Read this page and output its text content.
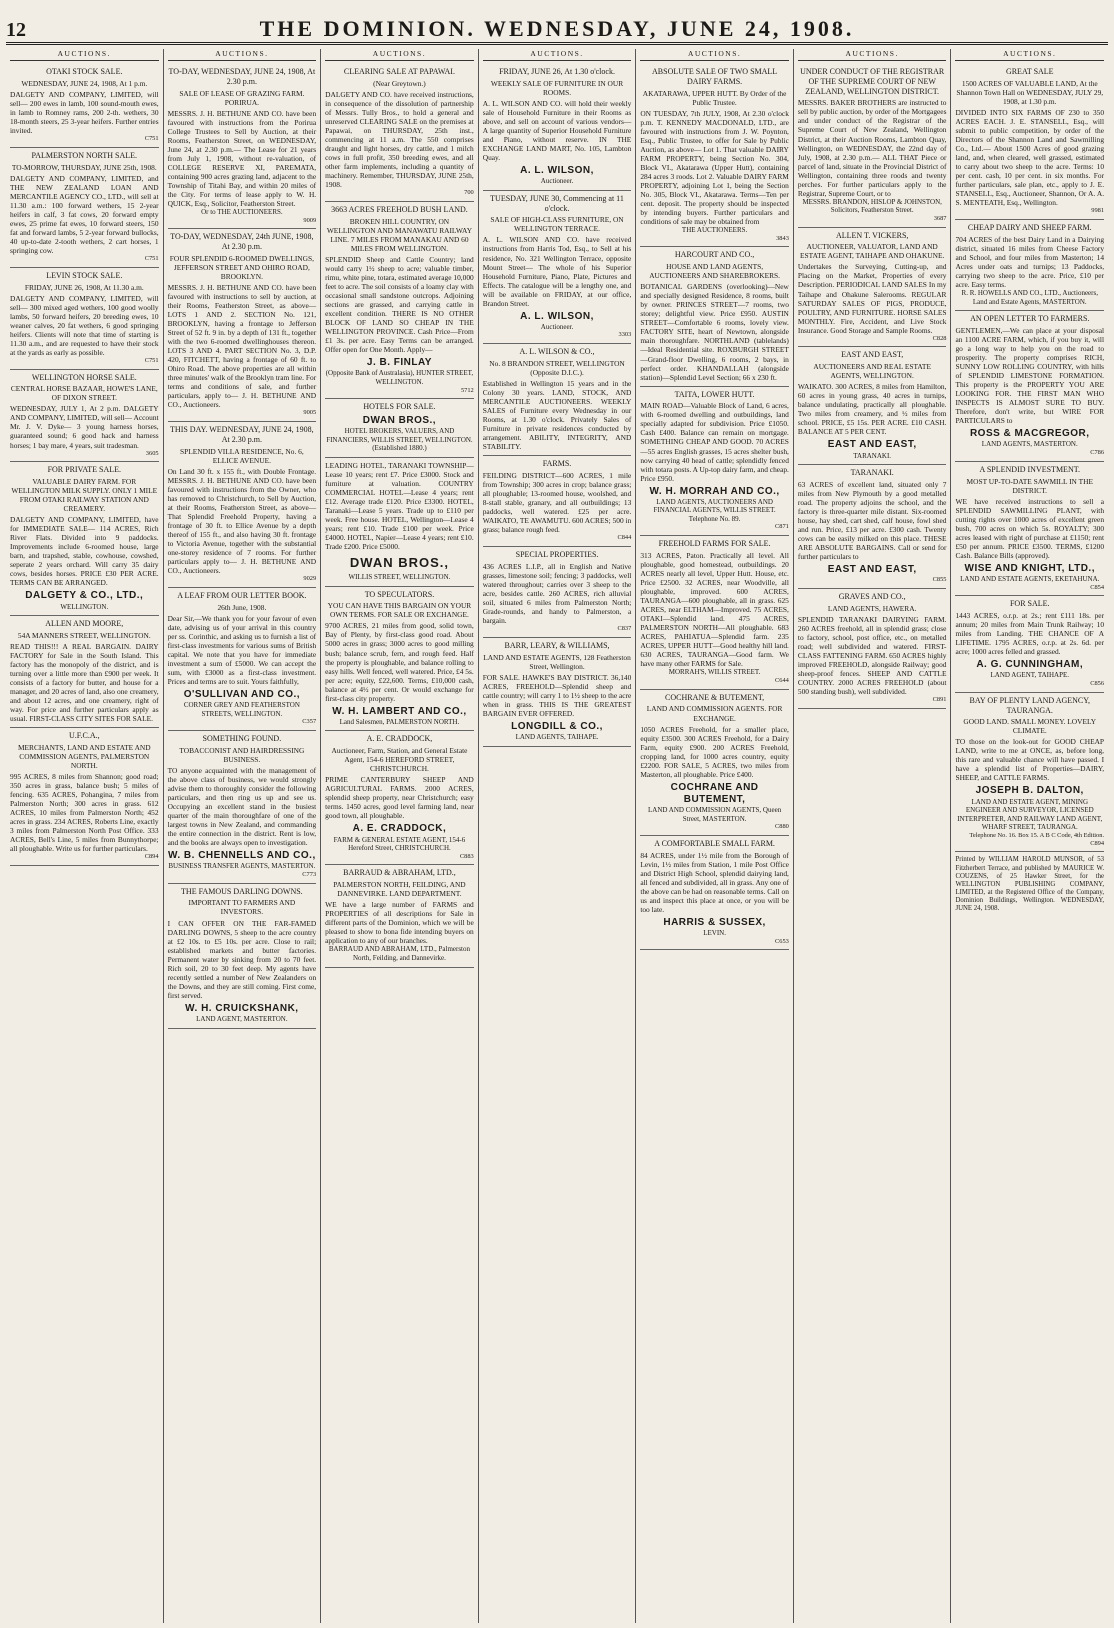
12	THE DOMINION. WEDNESDAY, JUNE 24, 1908.
AUCTIONS.
OTAKI STOCK SALE.
WEDNESDAY, JUNE 24, 1908, At 1 p.m.
DALGETY AND COMPANY, LIMITED, will sell— 200 ewes in lamb, 100 sound-mouth ewes, in lamb to Romney rams, 200 2-th. wethers, 30 18-month steers, 25 3-year heifers. Further entries invited.
C751
PALMERSTON NORTH SALE.
TO-MORROW, THURSDAY, JUNE 25th, 1908.
DALGETY AND COMPANY, LIMITED, and THE NEW ZEALAND LOAN AND MERCANTILE AGENCY CO., LTD., will sell at 11.30 a.m.: 100 forward wethers, 15 2-year heifers in calf, 3 fat cows, 20 forward empty ewes, 25 prime fat ewes, 10 forward steers, 150 fat and forward lambs, 5 2-year forward bullocks, 40 up-to-date 2-tooth wethers, 2 cart horses, 1 springing cow.
C751
LEVIN STOCK SALE.
FRIDAY, JUNE 26, 1908, At 11.30 a.m.
DALGETY AND COMPANY, LIMITED, will sell— 300 mixed aged wethers, 100 good woolly lambs, 50 forward heifers, 20 breeding ewes, 10 weaner calves, 20 fat wethers, 6 good springing heifers. Clients will note that time of starting is 11.30 a.m., and are requested to have their stock at the yards as early as possible.
C751
WELLINGTON HORSE SALE.
CENTRAL HORSE BAZAAR, HOWE'S LANE, OF DIXON STREET.
WEDNESDAY, JULY 1, At 2 p.m. DALGETY AND COMPANY, LIMITED, will sell— Account Mr. J. V. Dyke— 3 young harness horses, guaranteed sound; 6 good hack and harness horses; 1 bay mare, 4 years, suit tradesman.
3605
FOR PRIVATE SALE.
VALUABLE DAIRY FARM. FOR WELLINGTON MILK SUPPLY. ONLY 1 MILE FROM OTAKI RAILWAY STATION AND CREAMERY.
DALGETY AND COMPANY, LIMITED, have for IMMEDIATE SALE— 114 ACRES, Rich River Flats. Divided into 9 paddocks. Improvements include 6-roomed house, large barn, and trapshed, stable, cowhouse, cowshed, seperate 2 years orchard. Will carry 35 dairy cows, besides horses. PRICE £30 PER ACRE. TERMS CAN BE ARRANGED.
DALGETY & CO., LTD.,
WELLINGTON.
ALLEN AND MOORE,
54A MANNERS STREET, WELLINGTON.
READ THIS!!! A REAL BARGAIN. DAIRY FACTORY for Sale in the South Island. This factory has the monopoly of the district, and is turning over a little more than £900 per week. It consists of a factory for butter, and house for a manager, and 20 acres of land, also one creamery, and about 12 acres, and one creamery, right of way. For price and further particulars apply as usual. FIRST-CLASS CITY SITES FOR SALE.
U.F.C.A.,
MERCHANTS, LAND AND ESTATE AND COMMISSION AGENTS, PALMERSTON NORTH.
995 ACRES, 8 miles from Shannon; good road; 350 acres in grass, balance bush; 5 miles of fencing. 635 ACRES, Pohangina, 7 miles from Palmerston North; 300 acres in grass. 612 ACRES, 10 miles from Palmerston North; 452 acres in grass. 234 ACRES, Roberts Line, exactly 3 miles from Palmerston North Post Office. 333 ACRES, Bell's Line, 5 miles from Bunnythorpe; all ploughable. Write us for further particulars.
C894
AUCTIONS.
TO-DAY, WEDNESDAY, JUNE 24, 1908, At 2.30 p.m.
SALE OF LEASE OF GRAZING FARM. PORIRUA.
MESSRS. J. H. BETHUNE AND CO. have been favoured with instructions from the Porirua College Trustees to Sell by Auction, at their Rooms, Featherston Street, on WEDNESDAY, June 24, at 2.30 p.m.— The Lease for 21 years from July 1, 1908, without re-valuation, of COLLEGE RESERVE XI, PAREMATA, containing 900 acres grazing land, adjacent to the Township of Titahi Bay, and within 20 miles of the City. For terms of lease apply to W. H. QUICK, Esq., Solicitor, Featherston Street.
Or to THE AUCTIONEERS.
9009
TO-DAY, WEDNESDAY, 24th JUNE, 1908, At 2.30 p.m.
FOUR SPLENDID 6-ROOMED DWELLINGS, JEFFERSON STREET AND OHIRO ROAD, BROOKLYN.
MESSRS. J. H. BETHUNE AND CO. have been favoured with instructions to sell by auction, at their Rooms, Featherston Street, as above— LOTS 1 AND 2. SECTION No. 121, BROOKLYN, having a frontage to Jefferson Street of 52 ft. 9 in. by a depth of 131 ft., together with the two 6-roomed dwellinghouses thereon. LOTS 3 AND 4. PART SECTION No. 3, D.P. 420, FITCHETT, having a frontage of 60 ft. to Ohiro Road. The above properties are all within three minutes' walk of the Brooklyn tram line. For terms and conditions of sale, and further particulars, apply to— J. H. BETHUNE AND CO., Auctioneers.
9005
THIS DAY. WEDNESDAY, JUNE 24, 1908, At 2.30 p.m.
SPLENDID VILLA RESIDENCE, No. 6, ELLICE AVENUE.
On Land 30 ft. x 155 ft., with Double Frontage. MESSRS. J. H. BETHUNE AND CO. have been favoured with instructions from the Owner, who has removed to Christchurch, to Sell by Auction, at their Rooms, Featherston Street, as above— That Splendid Freehold Property, having a frontage of 30 ft. to Ellice Avenue by a depth thereof of 155 ft., and also having 30 ft. frontage to Victoria Avenue, together with the substantial one-storey residence of 7 rooms. For further particulars apply to— J. H. BETHUNE AND CO., Auctioneers.
9029
A LEAF FROM OUR LETTER BOOK.
26th June, 1908.
Dear Sir,—We thank you for your favour of even date, advising us of your arrival in this country per ss. Corinthic, and asking us to furnish a list of first-class investments for various sums of British capital. We note that you have for immediate investment a sum of £5000. We can accept the sum, with £3000 as a first-class investment. Prices and terms are to suit. Yours faithfully,
O'SULLIVAN AND CO.,
CORNER GREY AND FEATHERSTON STREETS, WELLINGTON.
C357
SOMETHING FOUND.
TOBACCONIST AND HAIRDRESSING BUSINESS.
TO anyone acquainted with the management of the above class of business, we would strongly advise them to thoroughly consider the following particulars, and then ring us up and see us. Occupying an excellent stand in the busiest quarter of the main thoroughfare of one of the largest towns in New Zealand, and commanding the entire connection in the district. Rent is low, and the books are always open to investigation.
W. B. CHENNELLS AND CO.,
BUSINESS TRANSFER AGENTS, MASTERTON.
C773
THE FAMOUS DARLING DOWNS.
IMPORTANT TO FARMERS AND INVESTORS.
I CAN OFFER ON THE FAR-FAMED DARLING DOWNS, 5 sheep to the acre country at £2 10s. to £5 10s. per acre. Close to rail; established markets and butter factories. Permanent water by sinking from 20 to 70 feet. Rich soil, 20 to 30 feet deep. My agents have recently settled a number of New Zealanders on the Downs, and they are still coming. First come, first served.
W. H. CRUICKSHANK,
LAND AGENT, MASTERTON.
AUCTIONS.
CLEARING SALE AT PAPAWAI.
(Near Greytown.)
DALGETY AND CO. have received instructions, in consequence of the dissolution of partnership of Messrs. Tully Bros., to hold a general and unreserved CLEARING SALE on the premises at Papawai, on THURSDAY, 25th inst., commencing at 11 a.m. The 550 comprises draught and light horses, dry cattle, and 1 milch cows in full profit, 350 breeding ewes, and all other farm implements, including a quantity of machinery. Remember, THURSDAY, JUNE 25th, 1908.
700
3663 ACRES FREEHOLD BUSH LAND.
BROKEN HILL COUNTRY, ON WELLINGTON AND MANAWATU RAILWAY LINE. 7 MILES FROM MANAKAU AND 60 MILES FROM WELLINGTON.
SPLENDID Sheep and Cattle Country; land would carry 1½ sheep to acre; valuable timber, rimu, white pine, totara, estimated average 10,000 feet to acre. The soil consists of a loamy clay with occasional small sandstone outcrops. Adjoining sections are grassed, and carrying cattle in excellent condition. THERE IS NO OTHER BLOCK OF LAND SO CHEAP IN THE WELLINGTON PROVINCE. Cash Price—From £1 3s. per acre. Easy Terms can be arranged. Offer open for One Month. Apply—
J. B. FINLAY
(Opposite Bank of Australasia), HUNTER STREET, WELLINGTON.
5712
HOTELS FOR SALE.
DWAN BROS.,
HOTEL BROKERS, VALUERS, AND FINANCIERS, WILLIS STREET, WELLINGTON. (Established 1880.)
LEADING HOTEL, TARANAKI TOWNSHIP—Lease 10 years; rent £7. Price £3000. Stock and furniture at valuation. COUNTRY COMMERCIAL HOTEL—Lease 4 years; rent £12. Average trade £120. Price £3300. HOTEL, Taranaki—Lease 5 years. Trade up to £110 per week. Free house. HOTEL, Wellington—Lease 4 years; rent £10. Trade £100 per week. Price £4000. HOTEL, Napier—Lease 4 years; rent £10. Trade £200. Price £5000.
DWAN BROS.,
WILLIS STREET, WELLINGTON.
TO SPECULATORS.
YOU CAN HAVE THIS BARGAIN ON YOUR OWN TERMS. FOR SALE OR EXCHANGE.
9700 ACRES, 21 miles from good, solid town, Bay of Plenty, by first-class good road. About 5000 acres in grass; 3000 acres to good milling bush; balance scrub, fern, and rough feed. Half the property is ploughable, and balance rolling to easy hills. Well fenced, well watered. Price, £4 5s. per acre; equity, £22,600. Terms, £10,000 cash, balance at 4½ per cent. Or would exchange for first-class city property.
W. H. LAMBERT AND CO.,
Land Salesmen, PALMERSTON NORTH.
A. E. CRADDOCK,
Auctioneer, Farm, Station, and General Estate Agent, 154-6 HEREFORD STREET, CHRISTCHURCH.
PRIME CANTERBURY SHEEP AND AGRICULTURAL FARMS. 2000 ACRES, splendid sheep property, near Christchurch; easy terms. 1450 acres, good level farming land, near good town, all ploughable.
A. E. CRADDOCK,
FARM & GENERAL ESTATE AGENT, 154-6 Hereford Street, CHRISTCHURCH.
C883
BARRAUD & ABRAHAM, LTD.,
PALMERSTON NORTH, FEILDING, AND DANNEVIRKE. LAND DEPARTMENT.
WE have a large number of FARMS and PROPERTIES of all descriptions for Sale in different parts of the Dominion, which we will be pleased to show to bona fide intending buyers on application to any of our branches.
BARRAUD AND ABRAHAM, LTD., Palmerston North, Feilding, and Dannevirke.
AUCTIONS.
FRIDAY, JUNE 26, At 1.30 o'clock.
WEEKLY SALE OF FURNITURE IN OUR ROOMS.
A. L. WILSON AND CO. will hold their weekly sale of Household Furniture in their Rooms as above, and sell on account of various vendors— A large quantity of Superior Household Furniture and Piano, without reserve. IN THE EXCHANGE LAND MART, No. 105, Lambton Quay.
A. L. WILSON,
Auctioneer.
TUESDAY, JUNE 30, Commencing at 11 o'clock.
SALE OF HIGH-CLASS FURNITURE, ON WELLINGTON TERRACE.
A. L. WILSON AND CO. have received instructions from Harris Tod, Esq., to Sell at his residence, No. 321 Wellington Terrace, opposite Mount Street— The whole of his Superior Household Furniture, Piano, Plate, Pictures and Effects. The catalogue will be a lengthy one, and will be available on FRIDAY, at our office, Brandon Street.
A. L. WILSON,
Auctioneer.
3303
A. L. WILSON & CO.,
No. 8 BRANDON STREET, WELLINGTON (Opposite D.I.C.).
Established in Wellington 15 years and in the Colony 30 years. LAND, STOCK, AND MERCANTILE AUCTIONEERS. WEEKLY SALES of Furniture every Wednesday in our Rooms, at 1.30 o'clock. Privately Sales of Furniture in private residences conducted by arrangement. ABILITY, INTEGRITY, AND STABILITY.
FARMS.
FEILDING DISTRICT—600 ACRES, 1 mile from Township; 300 acres in crop; balance grass; all ploughable; 13-roomed house, woolshed, and 8-stall stable, granary, and all outbuildings; 13 paddocks, well watered. £25 per acre. WAIKATO, TE AWAMUTU. 600 ACRES; 500 in grass; balance rough feed.
C844
SPECIAL PROPERTIES.
436 ACRES L.I.P., all in English and Native grasses, limestone soil; fencing; 3 paddocks, well watered throughout; carries over 3 sheep to the acre, besides cattle. 260 ACRES, rich alluvial soil, situated 6 miles from Palmerston North; Grade-rounds, and handy to Palmerston, a bargain.
C837
BARR, LEARY, & WILLIAMS,
LAND AND ESTATE AGENTS, 128 Featherston Street, Wellington.
FOR SALE. HAWKE'S BAY DISTRICT. 36,140 ACRES, FREEHOLD—Splendid sheep and cattle country; will carry 1 to 1½ sheep to the acre when in grass. THIS IS THE GREATEST BARGAIN EVER OFFERED.
LONGDILL & CO.,
LAND AGENTS, TAIHAPE.
AUCTIONS.
ABSOLUTE SALE OF TWO SMALL DAIRY FARMS.
AKATARAWA, UPPER HUTT. By Order of the Public Trustee.
ON TUESDAY, 7th JULY, 1908, At 2.30 o'clock p.m. T. KENNEDY MACDONALD, LTD., are favoured with instructions from J. W. Poynton, Esq., Public Trustee, to offer for Sale by Public Auction, as above— Lot 1. That valuable DAIRY FARM PROPERTY, being Section No. 304, Block VI., Akatarawa (Upper Hutt), containing 284 acres 3 roods. Lot 2. Valuable DAIRY FARM PROPERTY, adjoining Lot 1, being the Section No. 305, Block VI., Akatarawa. Terms—Ten per cent. deposit. The property should be inspected by intending buyers. Further particulars and conditions of sale may be obtained from
THE AUCTIONEERS.
3843
HARCOURT AND CO.,
HOUSE AND LAND AGENTS, AUCTIONEERS AND SHAREBROKERS.
BOTANICAL GARDENS (overlooking)—New and specially designed Residence, 8 rooms, built by owner. PRINCES STREET—7 rooms, two storey; delightful view. Price £950. AUSTIN STREET—Comfortable 6 rooms, lovely view. FACTORY SITE, heart of Newtown, alongside main thoroughfare. NORTHLAND (tablelands) —Ideal Residential site. ROXBURGH STREET—Grand-floor Dwelling, 6 rooms, 2 bays, in perfect order. KHANDALLAH (alongside station)—Splendid Level Section; 66 x 230 ft.
TAITA, LOWER HUTT.
MAIN ROAD—Valuable Block of Land, 6 acres, with 6-roomed dwelling and outbuildings, land specially adapted for subdivision. Price £1050. Cash £400. Balance can remain on mortgage. SOMETHING CHEAP AND GOOD. 70 ACRES—55 acres English grasses, 15 acres shelter bush, now carrying 40 head of cattle; splendidly fenced with totara posts. A Up-top dairy farm, and cheap. Price £950.
W. H. MORRAH AND CO.,
LAND AGENTS, AUCTIONEERS AND FINANCIAL AGENTS, WILLIS STREET. Telephone No. 89.
C871
FREEHOLD FARMS FOR SALE.
313 ACRES, Paton. Practically all level. All ploughable, good homestead, outbuildings. 20 ACRES nearly all level, Upper Hutt. House, etc. Price £2500. 32 ACRES, near Woodville, all ploughable, improved. 600 ACRES, TAURANGA—600 ploughable, all in grass. 625 ACRES, near ELTHAM—Improved. 75 ACRES, OTAKI—Splendid land. 475 ACRES, PALMERSTON NORTH—All ploughable. 683 ACRES, PAHIATUA—Splendid farm. 235 ACRES, UPPER HUTT—Good healthy hill land. 630 ACRES, TAURANGA—Good farm. We have many other FARMS for Sale.
MORRAH'S, WILLIS STREET.
C644
COCHRANE & BUTEMENT,
LAND AND COMMISSION AGENTS. FOR EXCHANGE.
1050 ACRES Freehold, for a smaller place, equity £3500. 300 ACRES Freehold, for a Dairy Farm, equity £900. 200 ACRES Freehold, cropping land, for 1000 acres country, equity £2200. FOR SALE, 5 ACRES, two miles from Masterton, all ploughable. Price £400.
COCHRANE AND BUTEMENT,
LAND AND COMMISSION AGENTS, Queen Street, MASTERTON.
C880
A COMFORTABLE SMALL FARM.
84 ACRES, under 1½ mile from the Borough of Levin, 1½ miles from Station, 1 mile Post Office and District High School, splendid dairying land, all fenced and subdivided, all in grass. Any one of the above can be had on reasonable terms. Call on us and inspect this place at once, or you will be too late.
HARRIS & SUSSEX,
LEVIN.
C653
AUCTIONS.
UNDER CONDUCT OF THE REGISTRAR OF THE SUPREME COURT OF NEW ZEALAND, WELLINGTON DISTRICT.
MESSRS. BAKER BROTHERS are instructed to sell by public auction, by order of the Mortgagees and under conduct of the Registrar of the Supreme Court of New Zealand, Wellington District, at their Auction Rooms, Lambton Quay, Wellington, on WEDNESDAY, the 22nd day of July, 1908, at 2.30 p.m.— ALL THAT Piece or parcel of land, situate in the Provincial District of Wellington, containing three roods and twenty perches. For further particulars apply to the Registrar, Supreme Court, or to
MESSRS. BRANDON, HISLOP & JOHNSTON, Solicitors, Featherston Street.
3687
ALLEN T. VICKERS,
AUCTIONEER, VALUATOR, LAND AND ESTATE AGENT, TAIHAPE AND OHAKUNE.
Undertakes the Surveying, Cutting-up, and Placing on the Market, Properties of every Description. PERIODICAL LAND SALES In my Taihape and Ohakune Salerooms. REGULAR SATURDAY SALES OF PIGS, PRODUCE, POULTRY, AND FURNITURE. HORSE SALES MONTHLY. Fire, Accident, and Live Stock Insurance. Good Storage and Sample Rooms.
C828
EAST AND EAST,
AUCTIONEERS AND REAL ESTATE AGENTS, WELLINGTON.
WAIKATO. 300 ACRES, 8 miles from Hamilton, 60 acres in young grass, 40 acres in turnips, balance undulating, practically all ploughable. Two miles from creamery, and ½ miles from school. PRICE, £5 15s. PER ACRE. £10 CASH. BALANCE AT 5 PER CENT.
EAST AND EAST,
TARANAKI.
TARANAKI.
63 ACRES of excellent land, situated only 7 miles from New Plymouth by a good metalled road. The property adjoins the school, and the factory is three-quarter mile distant. Six-roomed house, hay shed, cart shed, calf house, fowl shed and run. Price, £13 per acre. £300 cash. Twenty cows can be easily milked on this place. THESE ARE ABSOLUTE BARGAINS. Call or send for further particulars to
EAST AND EAST,
C855
GRAVES AND CO.,
LAND AGENTS, HAWERA.
SPLENDID TARANAKI DAIRYING FARM. 260 ACRES freehold, all in splendid grass; close to factory, school, post office, etc., on metalled road; well subdivided and watered. FIRST-CLASS FATTENING FARM. 650 ACRES highly improved FREEHOLD, alongside Railway; good sheep-proof fences. SHEEP AND CATTLE COUNTRY. 2000 ACRES FREEHOLD (about 500 standing bush), well subdivided.
C891
AUCTIONS.
GREAT SALE
1500 ACRES OF VALUABLE LAND, At the Shannon Town Hall on WEDNESDAY, JULY 29, 1908, at 1.30 p.m.
DIVIDED INTO SIX FARMS OF 230 to 350 ACRES EACH. J. E. STANSELL, Esq., will submit to public competition, by order of the Directors of the Shannon Land and Sawmilling Co., Ltd.— About 1500 Acres of good grazing land, and, when cleared, well grassed, estimated to carry about two sheep to the acre. Terms: 10 per cent. cash, 10 per cent. in six months. For further particulars, sale plan, etc., apply to J. E. STANSELL, Esq., Auctioneer, Shannon, Or A. A. S. MENTEATH, Esq., Wellington.
9981
CHEAP DAIRY AND SHEEP FARM.
704 ACRES of the best Dairy Land in a Dairying district, situated 16 miles from Cheese Factory and School, and four miles from Masterton; 14 Acres under oats and turnips; 13 Paddocks, carrying two sheep to the acre. Price, £10 per acre. Easy terms.
R. R. HOWELLS AND CO., LTD., Auctioneers, Land and Estate Agents, MASTERTON.
AN OPEN LETTER TO FARMERS.
GENTLEMEN,—We can place at your disposal an 1100 ACRE FARM, which, if you buy it, will go a long way to help you on the road to prosperity. The property comprises RICH, SUNNY LOW ROLLING COUNTRY, with hills of SPLENDID LIMESTONE FORMATION. This property is the PROPERTY YOU ARE LOOKING FOR. THE FIRST MAN WHO INSPECTS IS ALMOST SURE TO BUY. Therefore, don't write, but WIRE FOR PARTICULARS to
ROSS & MACGREGOR,
LAND AGENTS, MASTERTON.
C786
A SPLENDID INVESTMENT.
MOST UP-TO-DATE SAWMILL IN THE DISTRICT.
WE have received instructions to sell a SPLENDID SAWMILLING PLANT, with cutting rights over 1000 acres of excellent green bush, 700 acres on which 5s. ROYALTY; 300 acres leased with right of purchase at £1150; rent £50 per annum. PRICE £3500. TERMS, £1200 Cash. Balance Bills (approved).
WISE AND KNIGHT, LTD.,
LAND AND ESTATE AGENTS, EKETAHUNA.
C854
FOR SALE.
1443 ACRES, o.r.p. at 2s.; rent £111 18s. per annum; 20 miles from Main Trunk Railway; 10 miles from Landing. THE CHANCE OF A LIFETIME. 1795 ACRES, o.r.p. at 2s. 6d. per acre; 1000 acres felled and grassed.
A. G. CUNNINGHAM,
LAND AGENT, TAIHAPE.
C856
BAY OF PLENTY LAND AGENCY, TAURANGA.
GOOD LAND. SMALL MONEY. LOVELY CLIMATE.
TO those on the look-out for GOOD CHEAP LAND, write to me at ONCE, as, before long, this rare and valuable chance will have passed. I have a splendid list of Properties—DAIRY, SHEEP, and CATTLE FARMS.
JOSEPH B. DALTON,
LAND AND ESTATE AGENT, MINING ENGINEER AND SURVEYOR, LICENSED INTERPRETER, AND RAILWAY LAND AGENT, WHARF STREET, TAURANGA.
Telephone No. 16. Box 15. A B C Code, 4th Edition. C894
Printed by WILLIAM HAROLD MUNSOR, of 53 Fitzherbert Terrace, and published by MAURICE W. COUZENS, of 25 Hawker Street, for the WELLINGTON PUBLISHING COMPANY, LIMITED, at the Registered Office of the Company, Dominion Buildings, Wellington. WEDNESDAY, JUNE 24, 1908.
